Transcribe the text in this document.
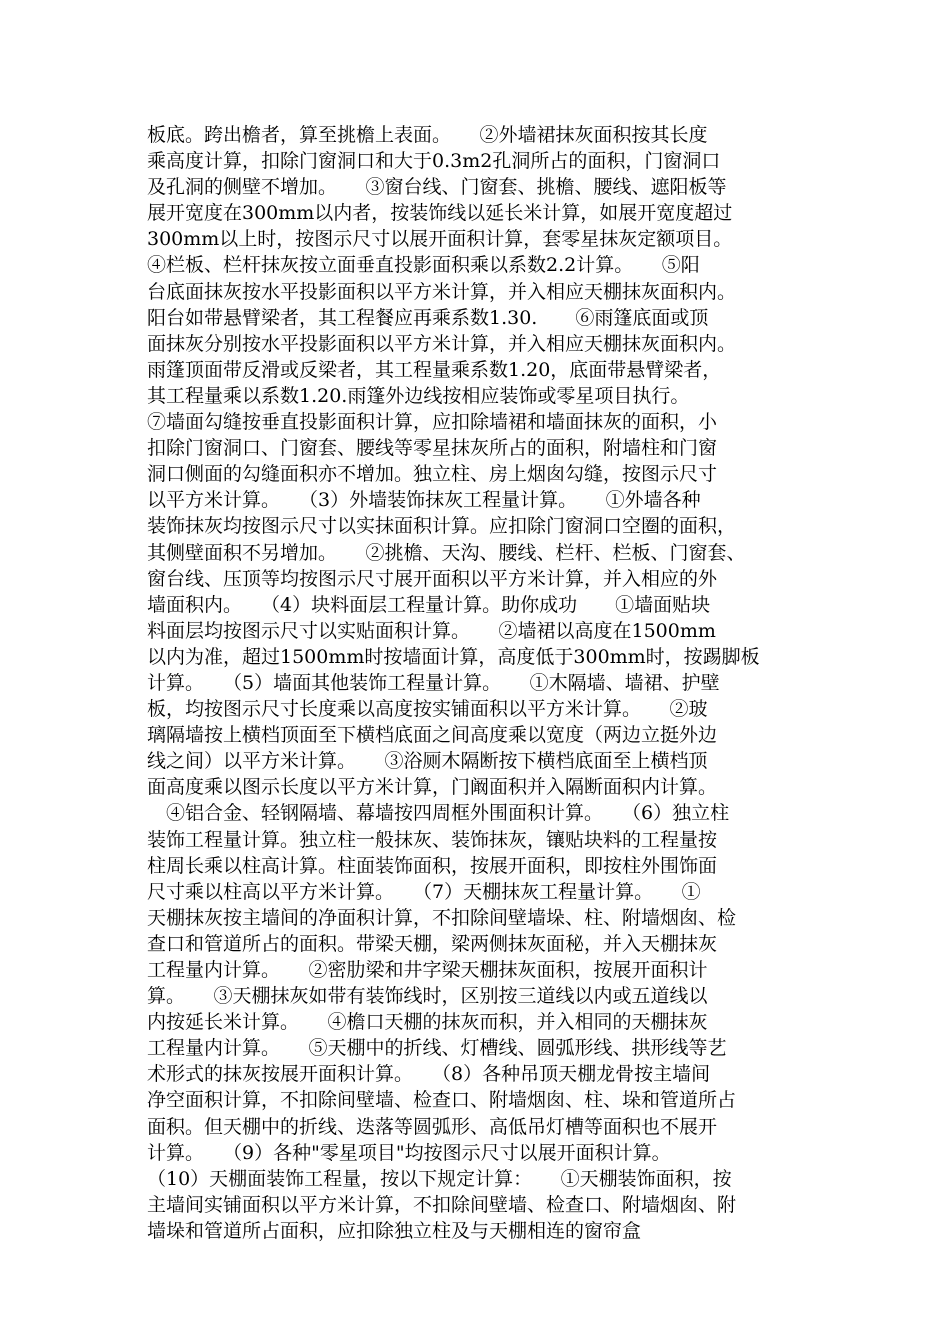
板底。跨出檐者，算至挑檐上表面。　　②外墙裙抹灰面积按其长度
乘高度计算，扣除门窗洞口和大于0.3m2孔洞所占的面积，门窗洞口
及孔洞的侧壁不增加。　　③窗台线、门窗套、挑檐、腰线、遮阳板等
展开宽度在300mm以内者，按装饰线以延长米计算，如展开宽度超过
300mm以上时，按图示尺寸以展开面积计算，套零星抹灰定额项目。
④栏板、栏杆抹灰按立面垂直投影面积乘以系数2.2计算。　　⑤阳
台底面抹灰按水平投影面积以平方米计算，并入相应天棚抹灰面积内。
阳台如带悬臂梁者，其工程餐应再乘系数1.30.　　⑥雨篷底面或顶
面抹灰分别按水平投影面积以平方米计算，并入相应天棚抹灰面积内。
雨篷顶面带反滑或反梁者，其工程量乘系数1.20，底面带悬臂梁者，
其工程量乘以系数1.20.雨篷外边线按相应装饰或零星项目执行。
⑦墙面勾缝按垂直投影面积计算，应扣除墙裙和墙面抹灰的面积，小
扣除门窗洞口、门窗套、腰线等零星抹灰所占的面积，附墙柱和门窗
洞口侧面的勾缝面积亦不增加。独立柱、房上烟囱勾缝，按图示尺寸
以平方米计算。　　（3）外墙装饰抹灰工程量计算。　　①外墙各种
装饰抹灰均按图示尺寸以实抹面积计算。应扣除门窗洞口空圈的面积，
其侧壁面积不另增加。　　②挑檐、天沟、腰线、栏杆、栏板、门窗套、
窗台线、压顶等均按图示尺寸展开面积以平方米计算，并入相应的外
墙面积内。　　（4）块料面层工程量计算。助你成功　　①墙面贴块
料面层均按图示尺寸以实贴面积计算。　　②墙裙以高度在1500mm
以内为准，超过1500mm时按墙面计算，高度低于300mm时，按踢脚板
计算。　　（5）墙面其他装饰工程量计算。　　①木隔墙、墙裙、护壁
板，均按图示尺寸长度乘以高度按实铺面积以平方米计算。　　②玻
璃隔墙按上横档顶面至下横档底面之间高度乘以宽度（两边立挺外边
线之间）以平方米计算。　　③浴厕木隔断按下横档底面至上横档顶
面高度乘以图示长度以平方米计算，门阚面积并入隔断面积内计算。
　④铝合金、轻钢隔墙、幕墙按四周框外围面积计算。　　（6）独立柱
装饰工程量计算。独立柱一般抹灰、装饰抹灰，镶贴块料的工程量按
柱周长乘以柱高计算。柱面装饰面积，按展开面积，即按柱外围饰面
尺寸乘以柱高以平方米计算。　　（7）天棚抹灰工程量计算。　　①
天棚抹灰按主墙间的净面积计算，不扣除间壁墙垛、柱、附墙烟囱、检
查口和管道所占的面积。带梁天棚，梁两侧抹灰面秘，并入天棚抹灰
工程量内计算。　　②密肋梁和井字梁天棚抹灰面积，按展开面积计
算。　　③天棚抹灰如带有装饰线时，区别按三道线以内或五道线以
内按延长米计算。　　④檐口天棚的抹灰而积，并入相同的天棚抹灰
工程量内计算。　　⑤天棚中的折线、灯槽线、圆弧形线、拱形线等艺
术形式的抹灰按展开面积计算。　　（8）各种吊顶天棚龙骨按主墙间
净空面积计算，不扣除间壁墙、检查口、附墙烟囱、柱、垛和管道所占
面积。但天棚中的折线、迭落等圆弧形、高低吊灯槽等面积也不展开
计算。　　（9）各种"零星项目"均按图示尺寸以展开面积计算。
（10）天棚面装饰工程量，按以下规定计算：　　①天棚装饰面积，按
主墙间实铺面积以平方米计算，不扣除间壁墙、检查口、附墙烟囱、附
墙垛和管道所占面积，应扣除独立柱及与天棚相连的窗帘盒
